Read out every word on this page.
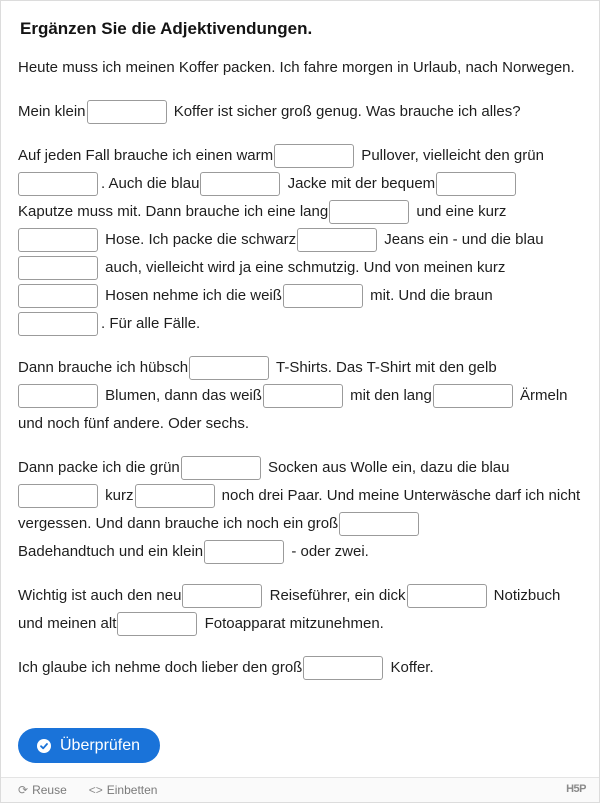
Ergänzen Sie die Adjektivendungen.

Heute muss ich meinen Koffer packen. Ich fahre morgen in Urlaub, nach Norwegen.

Mein klein	Koffer ist sicher groß genug. Was brauche ich alles?

Auf jeden Fall brauche ich einen warm	Pullover, vielleicht den grün
. Auch die blau	Jacke mit der bequem
Kaputze muss mit. Dann brauche ich eine lang	und eine kurz
Hose. Ich packe die schwarz	Jeans ein - und die blau
auch, vielleicht wird ja eine schmutzig. Und von meinen kurz
Hosen nehme ich die weiß	mit. Und die braun
. Für alle Fälle.

Dann brauche ich hübsch	T-Shirts. Das T-Shirt mit den gelb
Blumen, dann das weiß	mit den lang	Ärmeln und noch fünf andere. Oder sechs.

Dann packe ich die grün	Socken aus Wolle ein, dazu die blau
kurz	noch drei Paar. Und meine Unterwäsche darf ich nicht vergessen. Und dann brauche ich noch ein groß
Badehandtuch und ein klein	- oder zwei.

Wichtig ist auch den neu	Reiseführer, ein dick	Notizbuch und meinen alt	Fotoapparat mitzunehmen.

Ich glaube ich nehme doch lieber den groß	Koffer.

Überprüfen
⟳ Reuse <> Einbetten	H5P
